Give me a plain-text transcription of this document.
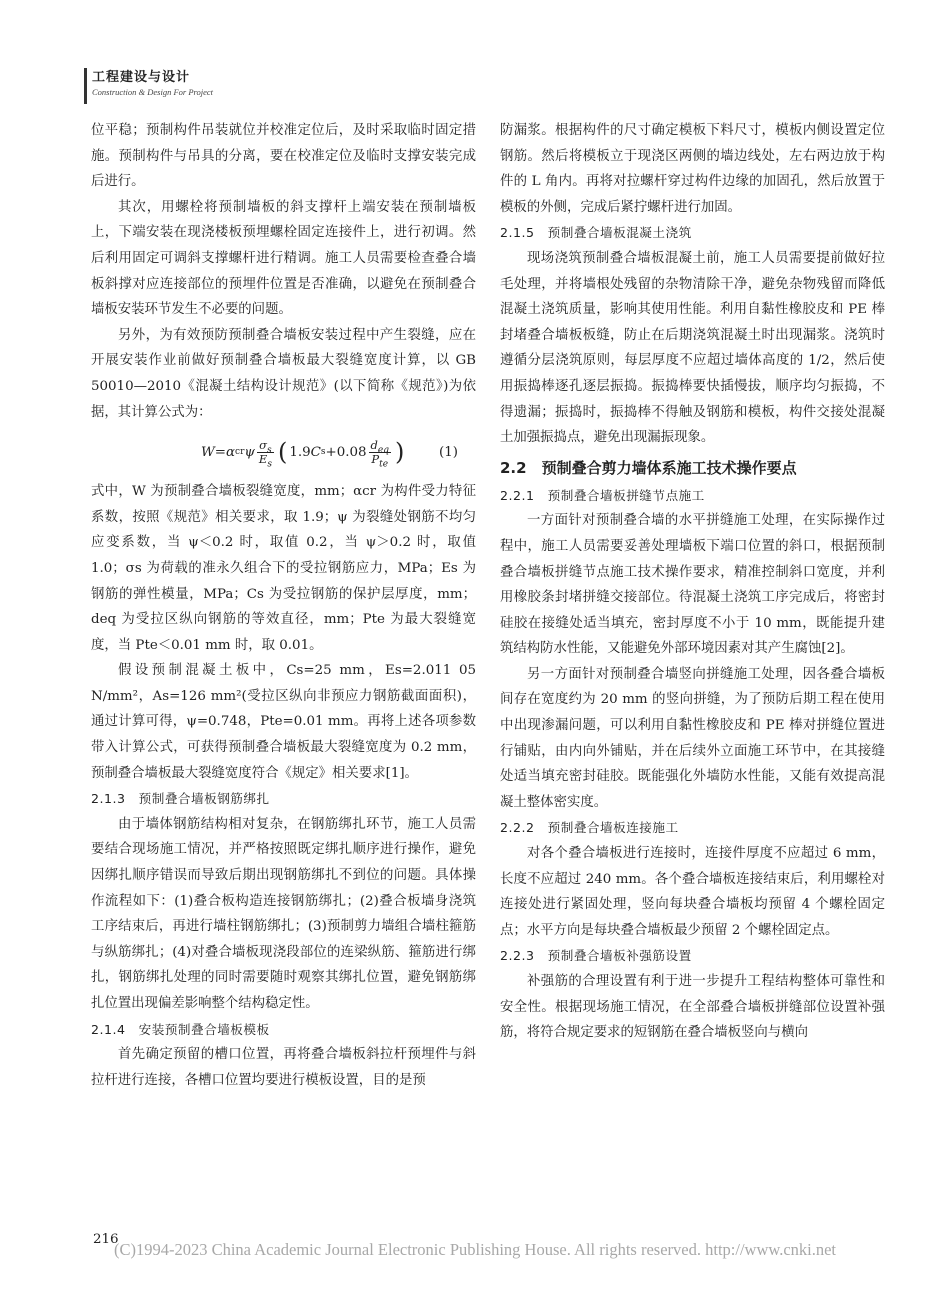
工程建设与设计
Construction & Design For Project

位平稳；预制构件吊装就位并校准定位后，及时采取临时固定措施。预制构件与吊具的分离，要在校准定位及临时支撑安装完成后进行。

其次，用螺栓将预制墙板的斜支撑杆上端安装在预制墙板上，下端安装在现浇楼板预埋螺栓固定连接件上，进行初调。然后利用固定可调斜支撑螺杆进行精调。施工人员需要检查叠合墙板斜撑对应连接部位的预埋件位置是否准确，以避免在预制叠合墙板安装环节发生不必要的问题。

另外，为有效预防预制叠合墙板安装过程中产生裂缝，应在开展安装作业前做好预制叠合墙板最大裂缝宽度计算，以 GB 50010—2010《混凝土结构设计规范》(以下简称《规范》)为依据，其计算公式为：

W = α cr ψ $\frac{\sigma_s}{E_s}$ ( 1.9 C $s +0.08 \frac{d_{eq}}{P_{te}}$ )	(1)

式中，W 为预制叠合墙板裂缝宽度，mm；αcr 为构件受力特征系数，按照《规范》相关要求，取 1.9；ψ 为裂缝处钢筋不均匀应变系数，当 ψ＜0.2 时，取值 0.2，当 ψ＞0.2 时，取值 1.0；σs 为荷载的准永久组合下的受拉钢筋应力，MPa；Es 为钢筋的弹性模量，MPa；Cs 为受拉钢筋的保护层厚度，mm；deq 为受拉区纵向钢筋的等效直径，mm；Pte 为最大裂缝宽度，当 Pte＜0.01 mm 时，取 0.01。

假设预制混凝土板中，Cs=25 mm，Es=2.011 05 N/mm²，As=126 mm²(受拉区纵向非预应力钢筋截面面积)，通过计算可得，ψ=0.748，Pte=0.01 mm。再将上述各项参数带入计算公式，可获得预制叠合墙板最大裂缝宽度为 0.2 mm，预制叠合墙板最大裂缝宽度符合《规定》相关要求[1]。

2.1.3　预制叠合墙板钢筋绑扎

由于墙体钢筋结构相对复杂，在钢筋绑扎环节，施工人员需要结合现场施工情况，并严格按照既定绑扎顺序进行操作，避免因绑扎顺序错误而导致后期出现钢筋绑扎不到位的问题。具体操作流程如下：(1)叠合板构造连接钢筋绑扎；(2)叠合板墙身浇筑工序结束后，再进行墙柱钢筋绑扎；(3)预制剪力墙组合墙柱箍筋与纵筋绑扎；(4)对叠合墙板现浇段部位的连梁纵筋、箍筋进行绑扎，钢筋绑扎处理的同时需要随时观察其绑扎位置，避免钢筋绑扎位置出现偏差影响整个结构稳定性。

2.1.4　安装预制叠合墙板模板

首先确定预留的槽口位置，再将叠合墙板斜拉杆预埋件与斜拉杆进行连接，各槽口位置均要进行模板设置，目的是预

防漏浆。根据构件的尺寸确定模板下料尺寸，模板内侧设置定位钢筋。然后将模板立于现浇区两侧的墙边线处，左右两边放于构件的 L 角内。再将对拉螺杆穿过构件边缘的加固孔，然后放置于模板的外侧，完成后紧拧螺杆进行加固。

2.1.5　预制叠合墙板混凝土浇筑

现场浇筑预制叠合墙板混凝土前，施工人员需要提前做好拉毛处理，并将墙根处残留的杂物清除干净，避免杂物残留而降低混凝土浇筑质量，影响其使用性能。利用自黏性橡胶皮和 PE 棒封堵叠合墙板板缝，防止在后期浇筑混凝土时出现漏浆。浇筑时遵循分层浇筑原则，每层厚度不应超过墙体高度的 1/2，然后使用振捣棒逐孔逐层振捣。振捣棒要快插慢拔，顺序均匀振捣，不得遗漏；振捣时，振捣棒不得触及钢筋和模板，构件交接处混凝土加强振捣点，避免出现漏振现象。

2.2　预制叠合剪力墙体系施工技术操作要点

2.2.1　预制叠合墙板拼缝节点施工

一方面针对预制叠合墙的水平拼缝施工处理，在实际操作过程中，施工人员需要妥善处理墙板下端口位置的斜口，根据预制叠合墙板拼缝节点施工技术操作要求，精准控制斜口宽度，并利用橡胶条封堵拼缝交接部位。待混凝土浇筑工序完成后，将密封硅胶在接缝处适当填充，密封厚度不小于 10 mm，既能提升建筑结构防水性能，又能避免外部环境因素对其产生腐蚀[2]。

另一方面针对预制叠合墙竖向拼缝施工处理，因各叠合墙板间存在宽度约为 20 mm 的竖向拼缝，为了预防后期工程在使用中出现渗漏问题，可以利用自黏性橡胶皮和 PE 棒对拼缝位置进行铺贴，由内向外铺贴，并在后续外立面施工环节中，在其接缝处适当填充密封硅胶。既能强化外墙防水性能，又能有效提高混凝土整体密实度。

2.2.2　预制叠合墙板连接施工

对各个叠合墙板进行连接时，连接件厚度不应超过 6 mm，长度不应超过 240 mm。各个叠合墙板连接结束后，利用螺栓对连接处进行紧固处理，竖向每块叠合墙板均预留 4 个螺栓固定点；水平方向是每块叠合墙板最少预留 2 个螺栓固定点。

2.2.3　预制叠合墙板补强筋设置

补强筋的合理设置有利于进一步提升工程结构整体可靠性和安全性。根据现场施工情况，在全部叠合墙板拼缝部位设置补强筋，将符合规定要求的短钢筋在叠合墙板竖向与横向

216
(C)1994-2023 China Academic Journal Electronic Publishing House. All rights reserved. http://www.cnki.net
